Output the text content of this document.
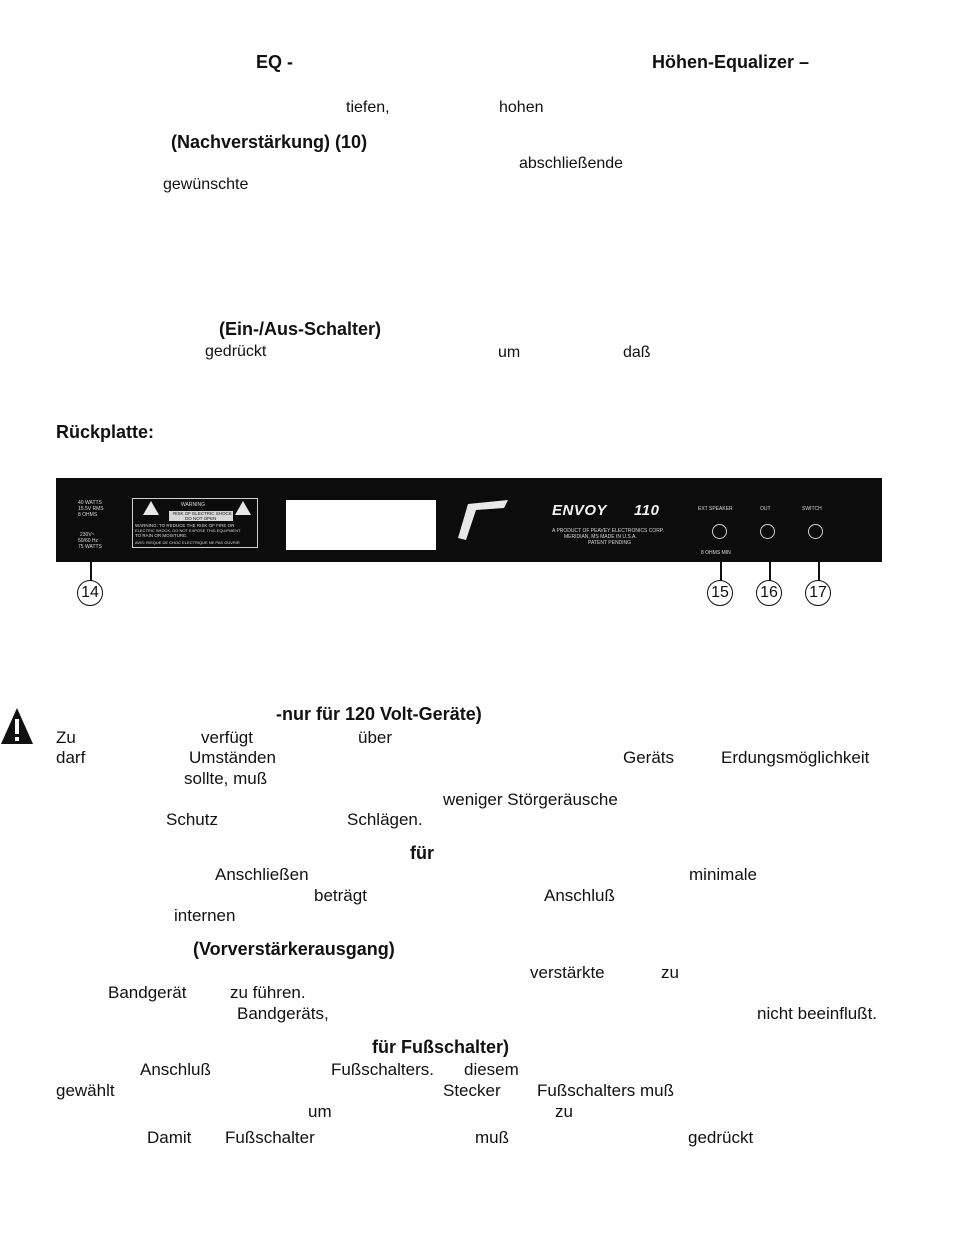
EQ -	Höhen-Equalizer –
tiefen,	hohen
(Nachverstärkung) (10)
abschließende
gewünschte
(Ein-/Aus-Schalter)
gedrückt	um	daß
Rückplatte:
40 WATTS
15.5V RMS
8 OHMS
230V~
50/60 Hz
75 WATTS
WARNING
RISK OF ELECTRIC SHOCK
DO NOT OPEN
WARNING: TO REDUCE THE RISK OF FIRE OR
ELECTRIC SHOCK, DO NOT EXPOSE THIS EQUIPMENT
TO RAIN OR MOISTURE.
AVIS: RISQUE DE CHOC ELECTRIQUE NE PAS OUVRIR
PEAVEY
ENVOY 110
A PRODUCT OF PEAVEY ELECTRONICS CORP.
MERIDIAN, MS MADE IN U.S.A.
PATENT PENDING
EXT SPEAKER	OUT	SWITCH
8 OHMS MIN
14	15 16 17
-nur für 120 Volt-Geräte)
Zu	verfügt	über
darf	Umständen	Geräts	Erdungsmöglichkeit
sollte, muß
weniger Störgeräusche
Schutz	Schlägen.
für
Anschließen	minimale
beträgt	Anschluß
internen
(Vorverstärkerausgang)
verstärkte	zu
Bandgerät	zu führen.
Bandgeräts,	nicht beeinflußt.
für Fußschalter)
Anschluß	Fußschalters. diesem
gewählt	Stecker Fußschalters muß
um	zu
Damit Fußschalter	muß	gedrückt
